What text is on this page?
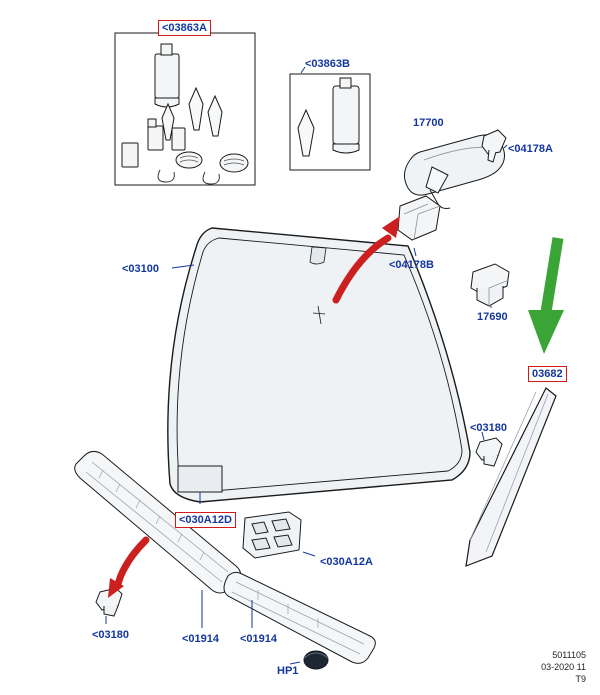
<03863A
<03863B
17700
<04178A
<04178B
17690
<03100
03682
<03180
<030A12D
<030A12A
<03180	<01914 <01914
HP1
5011105
03-2020 11
T9
